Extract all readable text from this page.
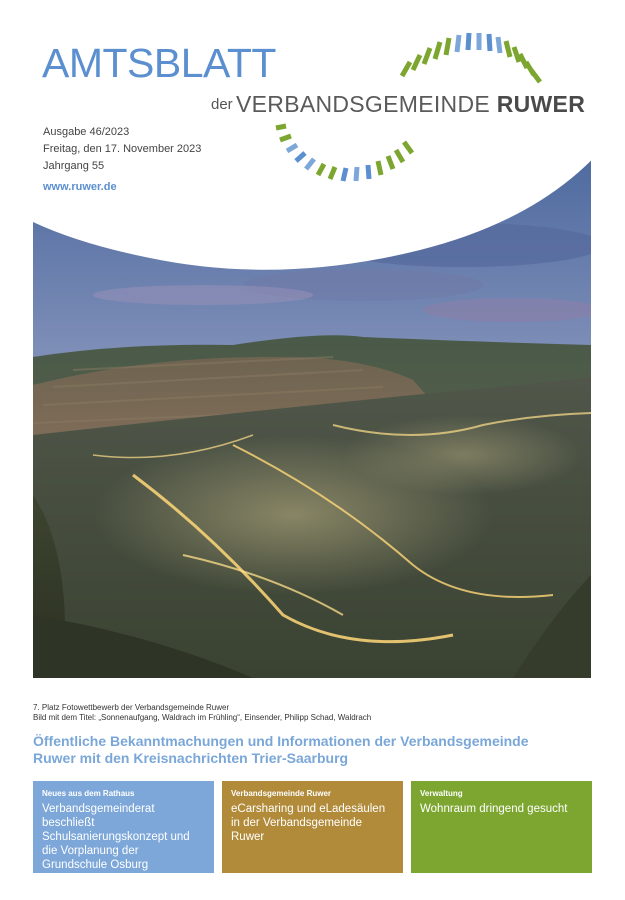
AMTSBLATT
der VERBANDSGEMEINDE RUWER
Ausgabe 46/2023
Freitag, den 17. November 2023
Jahrgang 55
www.ruwer.de
7. Platz Fotowettbewerb der Verbandsgemeinde Ruwer
Bild mit dem Titel: „Sonnenaufgang, Waldrach im Frühling“, Einsender, Philipp Schad, Waldrach
Öffentliche Bekanntmachungen und Informationen der Verbandsgemeinde Ruwer mit den Kreisnachrichten Trier-Saarburg
Neues aus dem Rathaus
Verbandsgemeinderat beschließt Schulsanierungskonzept und die Vorplanung der Grundschule Osburg Verschiebung der Haushaltsberatungen 2024
Verbandsgemeinde Ruwer
eCarsharing und eLadesäulen in der Verbandsgemeinde Ruwer
Verwaltung
Wohnraum dringend gesucht
